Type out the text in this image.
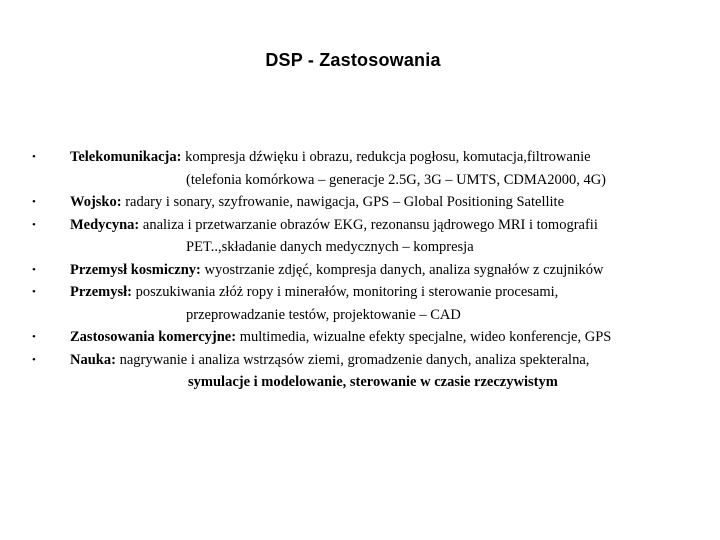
DSP - Zastosowania
•	Telekomunikacja: kompresja dźwięku i obrazu, redukcja pogłosu, komutacja,filtrowanie
(telefonia komórkowa – generacje 2.5G, 3G – UMTS, CDMA2000, 4G)
•	Wojsko: radary i sonary, szyfrowanie, nawigacja, GPS – Global Positioning Satellite
•	Medycyna: analiza i przetwarzanie obrazów EKG, rezonansu jądrowego MRI i tomografii
PET..,składanie danych medycznych – kompresja
•	Przemysł kosmiczny: wyostrzanie zdjęć, kompresja danych, analiza sygnałów z czujników
•	Przemysł: poszukiwania złóż ropy i minerałów, monitoring i sterowanie procesami,
przeprowadzanie testów, projektowanie – CAD
•	Zastosowania komercyjne: multimedia, wizualne efekty specjalne, wideo konferencje, GPS
•	Nauka: nagrywanie i analiza wstrząsów ziemi, gromadzenie danych, analiza spekteralna,
symulacje i modelowanie, sterowanie w czasie rzeczywistym
